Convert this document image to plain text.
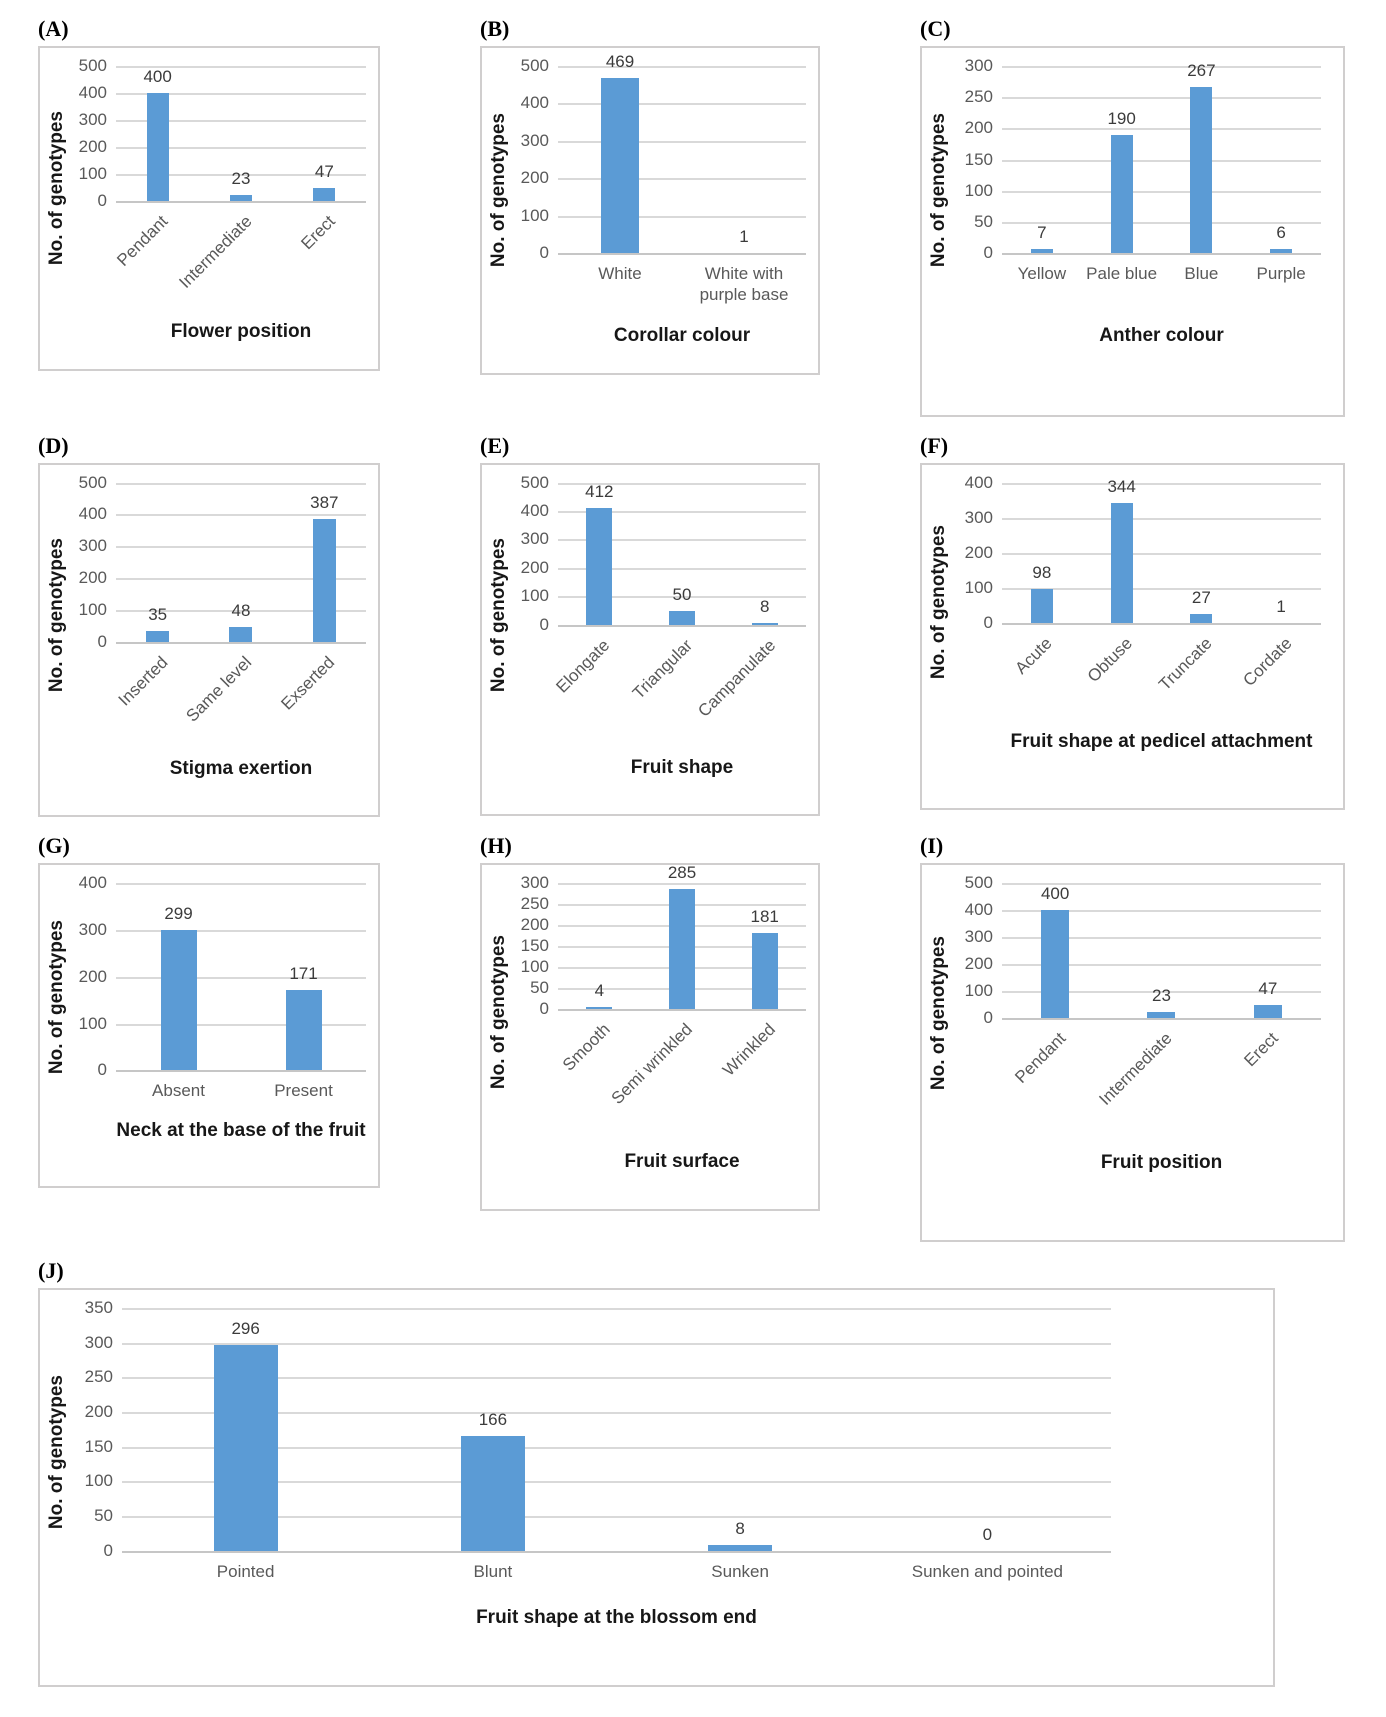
(A)
No. of genotypes 0
100
200
300
400
500
400
23	47
Pendant Intermediate Erect
Flower position
(B)
No. of genotypes 0
100
200
300
400
500	469
1
White	White with purple base
Corollar colour
(C)
No. of genotypes 0
50
100
150
200
250
300
7
190
267
6
Yellow	Pale blue	Blue	Purple
Anther colour
(D)
No. of genotypes 0
100
200
300
400
500
35	48
387
Inserted Same level Exserted
Stigma exertion
(E)
No. of genotypes 0
100
200
300
400
500	412
50
8
Elongate Triangular
Campanulate
Fruit shape
(F)
No. of genotypes 0
100
200
300
400
98
344
27	1
Acute Obtuse Truncate Cordate
Fruit shape at pedicel attachment
(G)
No. of genotypes 0
100
200
300
400
299
171
Absent	Present
Neck at the base of the fruit
(H)
No. of genotypes 0
50
100
150
200
250
300
4
285
181
Smooth
Semi wrinkled Wrinkled
Fruit surface
(I)
No. of genotypes 0
100
200
300
400
500
400
23	47
Pendant Intermediate	Erect
Fruit position
(J)
No. of genotypes
0
50
100
150
200
250
300
350
296
166
8	0
Pointed	Blunt	Sunken	Sunken and pointed
Fruit shape at the blossom end
